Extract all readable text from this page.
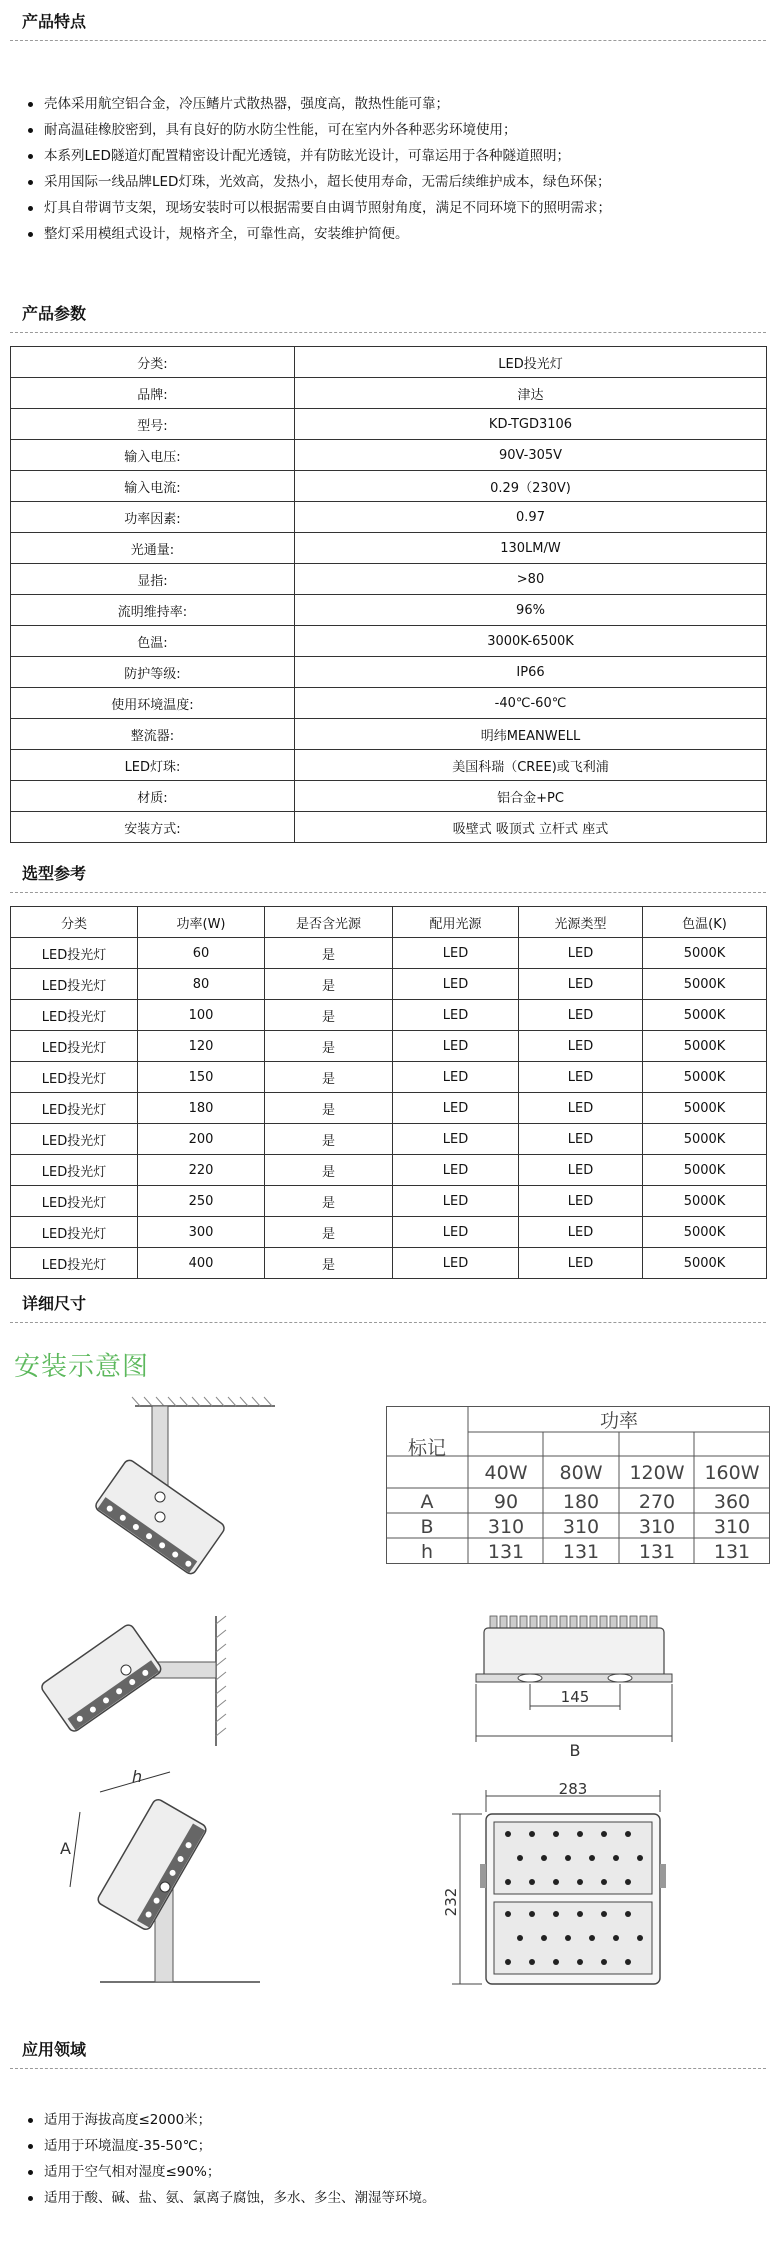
产品特点
壳体采用航空铝合金，冷压鳍片式散热器，强度高，散热性能可靠；
耐高温硅橡胶密到，具有良好的防水防尘性能，可在室内外各种恶劣环境使用；
本系列LED隧道灯配置精密设计配光透镜，并有防眩光设计，可靠运用于各种隧道照明；
采用国际一线品牌LED灯珠，光效高，发热小，超长使用寿命，无需后续维护成本，绿色环保；
灯具自带调节支架，现场安装时可以根据需要自由调节照射角度，满足不同环境下的照明需求；
整灯采用模组式设计，规格齐全，可靠性高，安装维护简便。
产品参数
分类:	LED投光灯
品牌:	津达
型号:	KD-TGD3106
输入电压:	90V-305V
输入电流:	0.29（230V)
功率因素:	0.97
光通量:	130LM/W
显指:	>80
流明维持率:	96%
色温:	3000K-6500K
防护等级:	IP66
使用环境温度:	-40℃-60℃
整流器:	明纬MEANWELL
LED灯珠:	美国科瑞（CREE)或飞利浦
材质:	铝合金+PC
安装方式:	吸壁式 吸顶式 立杆式 座式
选型参考
分类	功率(W)	是否含光源	配用光源	光源类型	色温(K)
LED投光灯	60	是	LED	LED	5000K
LED投光灯	80	是	LED	LED	5000K
LED投光灯	100	是	LED	LED	5000K
LED投光灯	120	是	LED	LED	5000K
LED投光灯	150	是	LED	LED	5000K
LED投光灯	180	是	LED	LED	5000K
LED投光灯	200	是	LED	LED	5000K
LED投光灯	220	是	LED	LED	5000K
LED投光灯	250	是	LED	LED	5000K
LED投光灯	300	是	LED	LED	5000K
LED投光灯	400	是	LED	LED	5000K
详细尺寸
安装示意图
A
h
标记
功率
40W 80W 120W 160W
A	90 180 270 360
B	310 310 310 310
h	131 131 131 131
145
B
283
232
应用领域
适用于海拔高度≤2000米；
适用于环境温度-35-50℃；
适用于空气相对湿度≤90%；
适用于酸、碱、盐、氨、氯离子腐蚀，多水、多尘、潮湿等环境。
